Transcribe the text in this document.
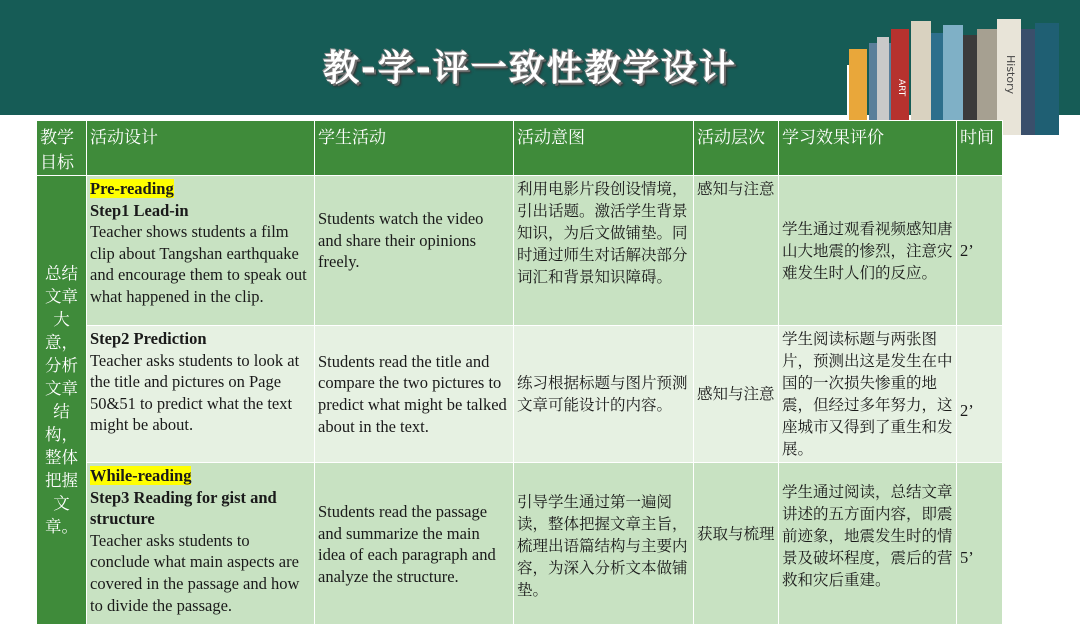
教-学-评一致性教学设计	ART	History
教学目标	活动设计	学生活动	活动意图	活动层次	学习效果评价	时间
总结文章大意，分析文章结构，整体把握文章。	Pre-reading
Step1 Lead-in
Teacher shows students a film clip about Tangshan earthquake and encourage them to speak out what happened in the clip.	Students watch the video and share their opinions freely.	利用电影片段创设情境，引出话题。激活学生背景知识，为后文做铺垫。同时通过师生对话解决部分词汇和背景知识障碍。	感知与注意	学生通过观看视频感知唐山大地震的惨烈，注意灾难发生时人们的反应。	2’
	Step2 Prediction
Teacher asks students to look at the title and pictures on Page 50&51 to predict what the text might be about.	Students read the title and compare the two pictures to predict what might be talked about in the text.	练习根据标题与图片预测文章可能设计的内容。	感知与注意	学生阅读标题与两张图片，预测出这是发生在中国的一次损失惨重的地震，但经过多年努力，这座城市又得到了重生和发展。	2’
	While-reading
Step3 Reading for gist and structure
Teacher asks students to conclude what main aspects are covered in the passage and how to divide the passage.	Students read the passage and summarize the main idea of each paragraph and analyze the structure.	引导学生通过第一遍阅读，整体把握文章主旨，梳理出语篇结构与主要内容，为深入分析文本做铺垫。	获取与梳理	学生通过阅读，总结文章讲述的五方面内容，即震前迹象，地震发生时的情景及破坏程度，震后的营救和灾后重建。	5’
